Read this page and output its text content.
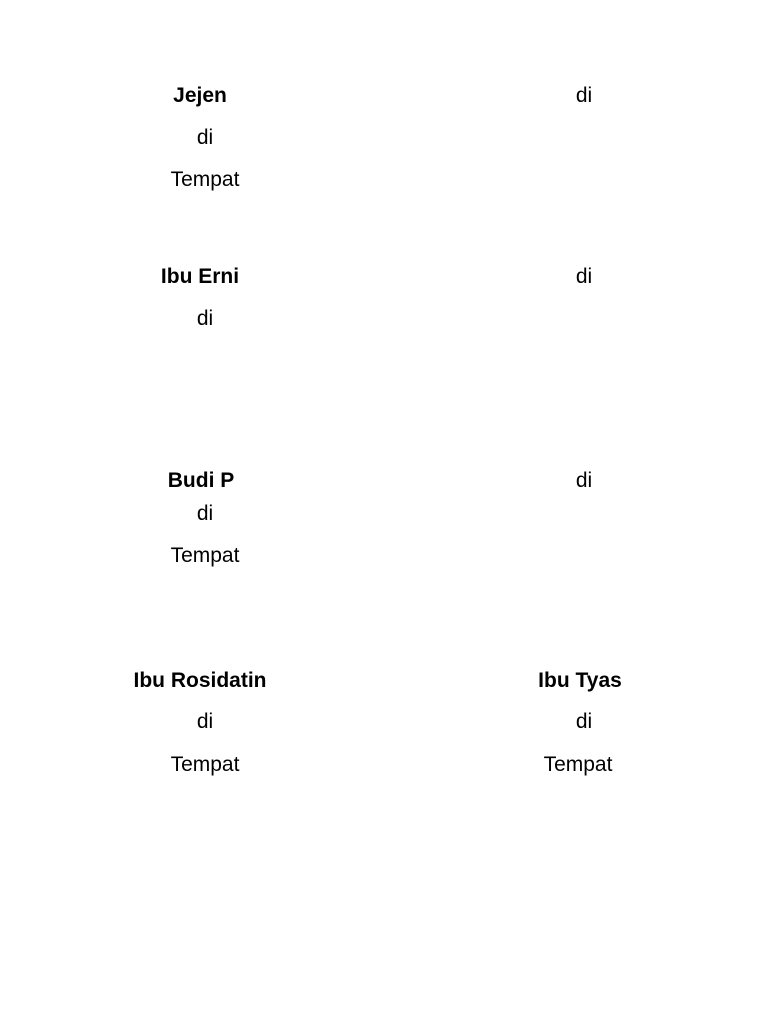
Jejen
di
Tempat
di
Ibu Erni
di
di
Budi P
di
Tempat
di
Ibu Rosidatin
di
Tempat
Ibu Tyas
di
Tempat
